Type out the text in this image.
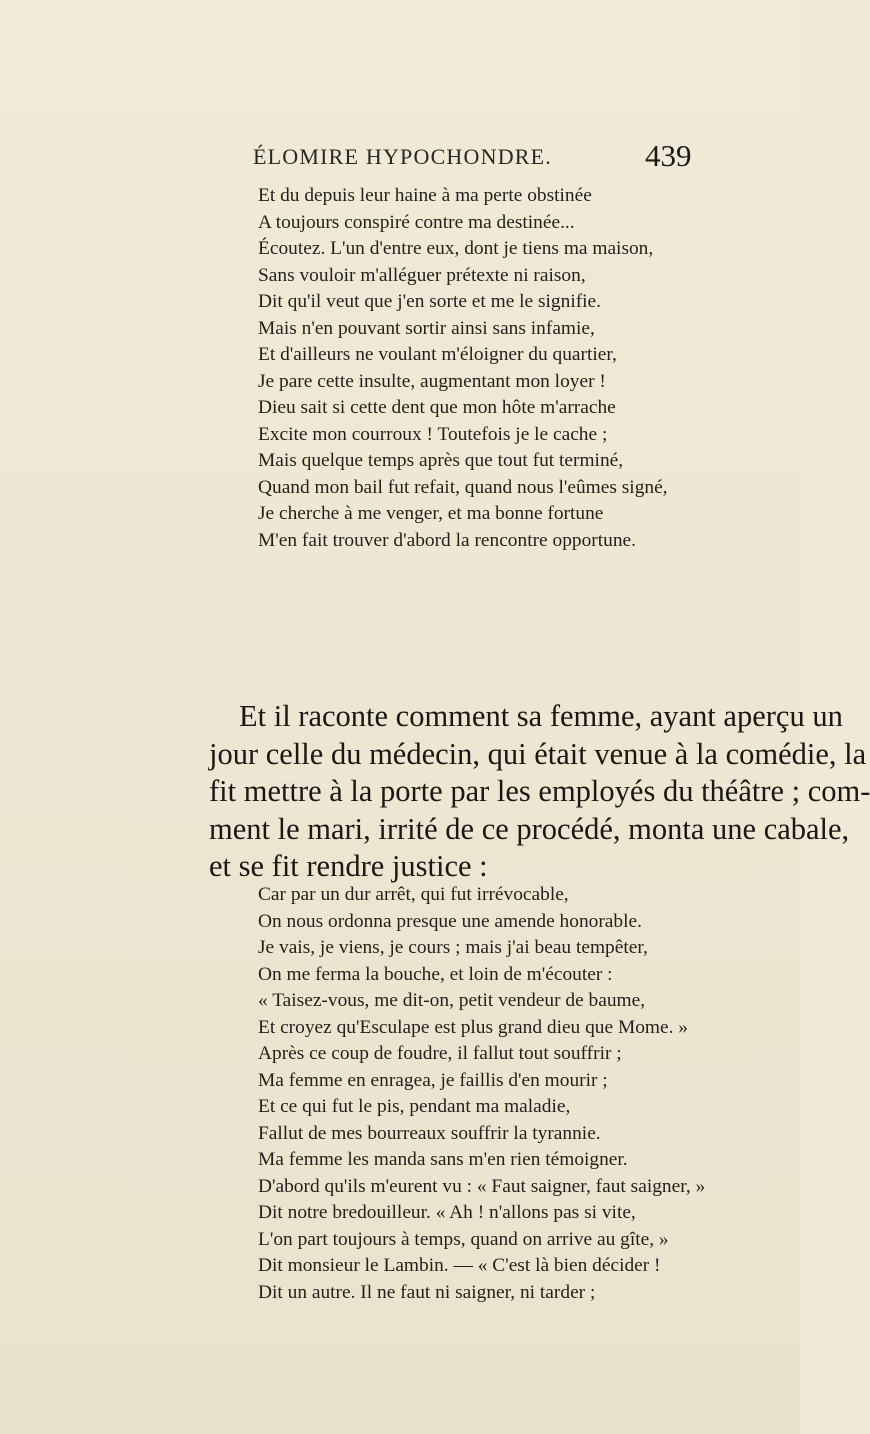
ÉLOMIRE HYPOCHONDRE.	439
Et du depuis leur haine à ma perte obstinée
A toujours conspiré contre ma destinée...
Écoutez. L'un d'entre eux, dont je tiens ma maison,
Sans vouloir m'alléguer prétexte ni raison,
Dit qu'il veut que j'en sorte et me le signifie.
Mais n'en pouvant sortir ainsi sans infamie,
Et d'ailleurs ne voulant m'éloigner du quartier,
Je pare cette insulte, augmentant mon loyer !
Dieu sait si cette dent que mon hôte m'arrache
Excite mon courroux ! Toutefois je le cache ;
Mais quelque temps après que tout fut terminé,
Quand mon bail fut refait, quand nous l'eûmes signé,
Je cherche à me venger, et ma bonne fortune
M'en fait trouver d'abord la rencontre opportune.
Et il raconte comment sa femme, ayant aperçu un
jour celle du médecin, qui était venue à la comédie, la
fit mettre à la porte par les employés du théâtre ; com-
ment le mari, irrité de ce procédé, monta une cabale,
et se fit rendre justice :
Car par un dur arrêt, qui fut irrévocable,
On nous ordonna presque une amende honorable.
Je vais, je viens, je cours ; mais j'ai beau tempêter,
On me ferma la bouche, et loin de m'écouter :
« Taisez-vous, me dit-on, petit vendeur de baume,
Et croyez qu'Esculape est plus grand dieu que Mome. »
Après ce coup de foudre, il fallut tout souffrir ;
Ma femme en enragea, je faillis d'en mourir ;
Et ce qui fut le pis, pendant ma maladie,
Fallut de mes bourreaux souffrir la tyrannie.
Ma femme les manda sans m'en rien témoigner.
D'abord qu'ils m'eurent vu : « Faut saigner, faut saigner, »
Dit notre bredouilleur. « Ah ! n'allons pas si vite,
L'on part toujours à temps, quand on arrive au gîte, »
Dit monsieur le Lambin. — « C'est là bien décider !
Dit un autre. Il ne faut ni saigner, ni tarder ;
